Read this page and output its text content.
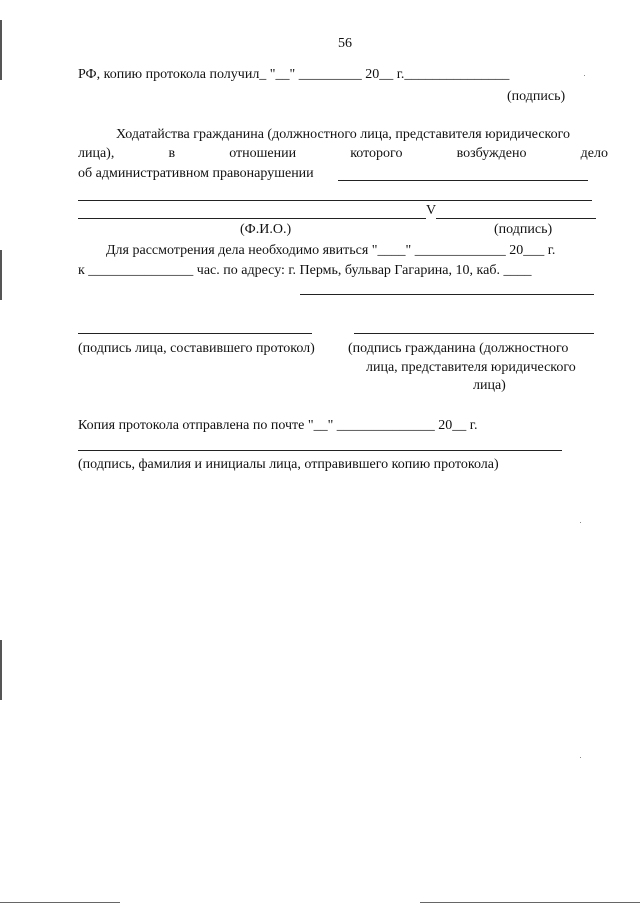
56
РФ, копию протокола получил_ "__" _________ 20__ г._______________
(подпись)
Ходатайства гражданина (должностного лица, представителя юридического
лица),	в	отношении	которого	возбуждено	дело
об административном правонарушении
V
(Ф.И.О.)	(подпись)
Для рассмотрения дела необходимо явиться "____" _____________ 20___ г.
к _______________ час. по адресу: г. Пермь, бульвар Гагарина, 10, каб. ____
(подпись лица, составившего протокол) (подпись гражданина (должностного
лица, представителя юридического
лица)
Копия протокола отправлена по почте "__" ______________ 20__ г.
(подпись, фамилия и инициалы лица, отправившего копию протокола)
